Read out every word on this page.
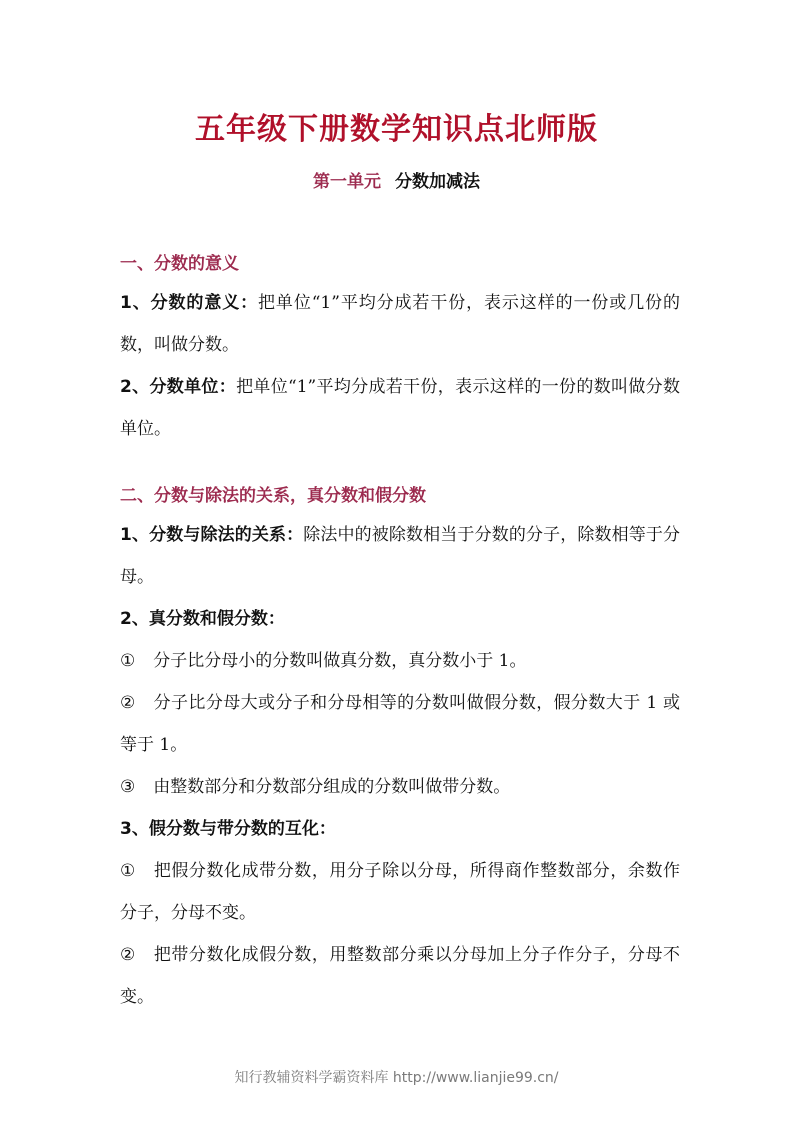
五年级下册数学知识点北师版
第一单元 分数加减法
一、分数的意义

1、分数的意义：把单位“1”平均分成若干份，表示这样的一份或几份的数，叫做分数。

2、分数单位：把单位“1”平均分成若干份，表示这样的一份的数叫做分数单位。

二、分数与除法的关系，真分数和假分数

1、分数与除法的关系：除法中的被除数相当于分数的分子，除数相等于分母。

2、真分数和假分数：

① 分子比分母小的分数叫做真分数，真分数小于 1。

② 分子比分母大或分子和分母相等的分数叫做假分数，假分数大于 1 或等于 1。

③ 由整数部分和分数部分组成的分数叫做带分数。

3、假分数与带分数的互化：

① 把假分数化成带分数，用分子除以分母，所得商作整数部分，余数作分子，分母不变。

② 把带分数化成假分数，用整数部分乘以分母加上分子作分子，分母不变。

知行教辅资料学霸资料库 http://www.lianjie99.cn/
